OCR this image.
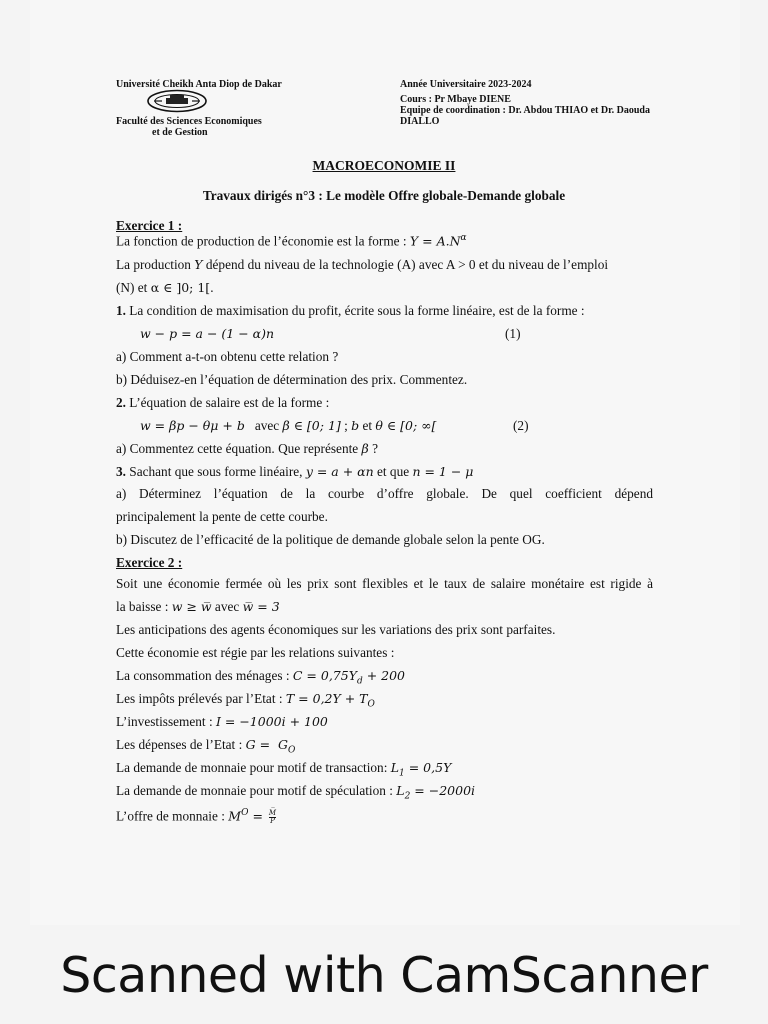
Université Cheikh Anta Diop de Dakar
Faculté des Sciences Economiques
et de Gestion
Année Universitaire 2023-2024
Cours : Pr Mbaye DIENE
Equipe de coordination : Dr. Abdou THIAO et Dr. Daouda
DIALLO
MACROECONOMIE II
Travaux dirigés n°3 : Le modèle Offre globale-Demande globale
Exercice 1 :
La fonction de production de l’économie est la forme : $Y = A.N^\alpha$
La production Y dépend du niveau de la technologie (A) avec A > 0 et du niveau de l’emploi
(N) et α ∈ ]0; 1[.
1. La condition de maximisation du profit, écrite sous la forme linéaire, est de la forme :
w − p = a − (1 − α)n	(1)
a) Comment a-t-on obtenu cette relation ?
b) Déduisez-en l’équation de détermination des prix. Commentez.
2. L’équation de salaire est de la forme :
w = βp − θμ + b   avec β ∈ [0; 1] ; b et θ ∈ [0; ∞[	(2)
a) Commentez cette équation. Que représente β ?
3. Sachant que sous forme linéaire, y = a + αn et que n = 1 − μ
a) Déterminez l’équation de la courbe d’offre globale. De quel coefficient dépend
principalement la pente de cette courbe.
b) Discutez de l’efficacité de la politique de demande globale selon la pente OG.
Exercice 2 :
Soit une économie fermée où les prix sont flexibles et le taux de salaire monétaire est rigide à
la baisse : w ≥ w̅ avec w̅ = 3
Les anticipations des agents économiques sur les variations des prix sont parfaites.
Cette économie est régie par les relations suivantes :
La consommation des ménages : $C = 0,75Y_d + 200$
Les impôts prélevés par l’Etat : $T = 0,2Y + T_O$
L’investissement : I = −1000i + 100
Les dépenses de l’Etat : $G = G_O$
La demande de monnaie pour motif de transaction: $L_1 = 0,5Y$
La demande de monnaie pour motif de spéculation : $L_2 = -2000i$
L’offre de monnaie : $M^O = \frac{M̅}{P}$
Scanned with CamScanner
